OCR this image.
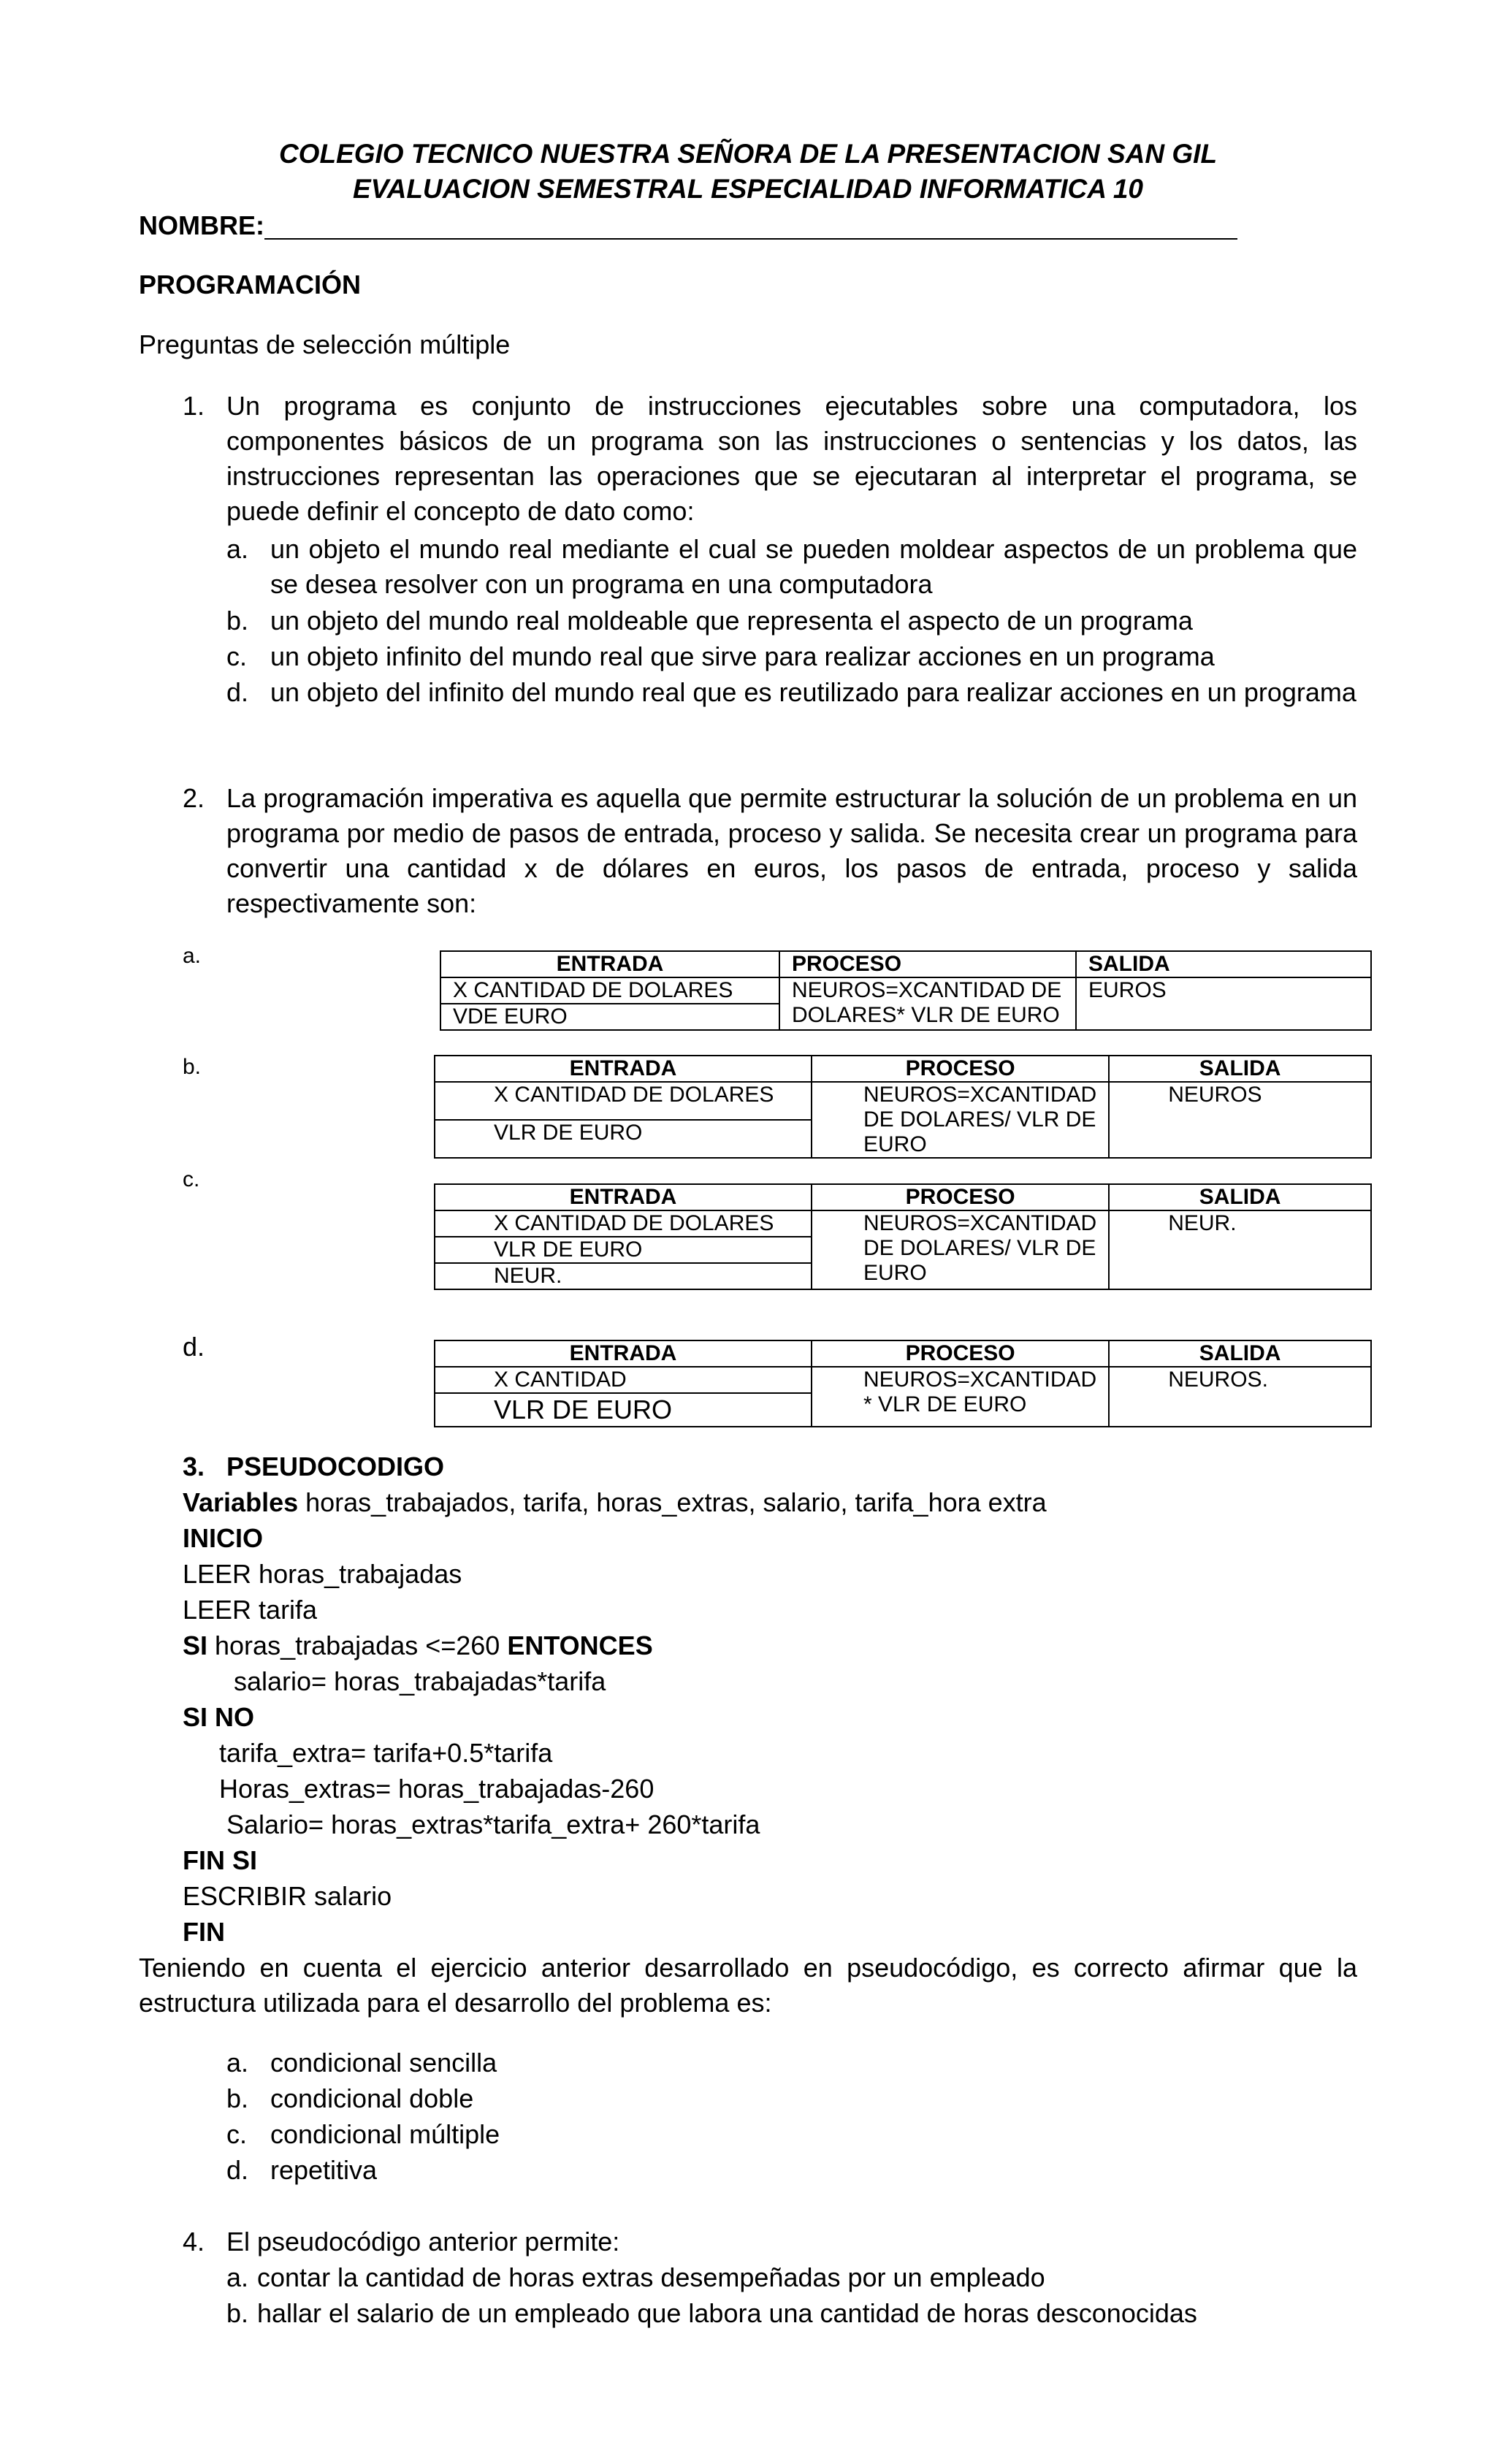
COLEGIO TECNICO NUESTRA SEÑORA DE LA PRESENTACION SAN GIL
EVALUACION SEMESTRAL ESPECIALIDAD INFORMATICA 10
NOMBRE:
PROGRAMACIÓN
Preguntas de selección múltiple
1. Un programa es conjunto de instrucciones ejecutables sobre una computadora, los componentes básicos de un programa son las instrucciones o sentencias y los datos, las instrucciones representan las operaciones que se ejecutaran al interpretar el programa, se puede definir el concepto de dato como:
a. un objeto el mundo real mediante el cual se pueden moldear aspectos de un problema que se desea resolver con un programa en una computadora
b. un objeto del mundo real moldeable que representa el aspecto de un programa
c. un objeto infinito del mundo real que sirve para realizar acciones en un programa
d. un objeto del infinito del mundo real que es reutilizado para realizar acciones en un programa
2. La programación imperativa es aquella que permite estructurar la solución de un problema en un programa por medio de pasos de entrada, proceso y salida. Se necesita crear un programa para convertir una cantidad x de dólares en euros, los pasos de entrada, proceso y salida respectivamente son:
a.	ENTRADA	PROCESO	SALIDA
X CANTIDAD DE DOLARES	NEUROS=XCANTIDAD DE DOLARES* VLR DE EURO	EUROS
VDE EURO		
b.	ENTRADA	PROCESO	SALIDA
X CANTIDAD DE DOLARES	NEUROS=XCANTIDAD DE DOLARES/ VLR DE EURO	NEUROS
VLR DE EURO		
c.
ENTRADA	PROCESO	SALIDA
X CANTIDAD DE DOLARES	NEUROS=XCANTIDAD DE DOLARES/ VLR DE EURO	NEUR.
VLR DE EURO		
NEUR.		
d.	ENTRADA	PROCESO	SALIDA
X CANTIDAD	NEUROS=XCANTIDAD * VLR DE EURO	NEUROS.
VLR DE EURO		
3. PSEUDOCODIGO
Variables horas_trabajados, tarifa, horas_extras, salario, tarifa_hora extra
INICIO
LEER horas_trabajadas
LEER tarifa
SI horas_trabajadas <=260 ENTONCES
salario= horas_trabajadas*tarifa
SI NO
tarifa_extra= tarifa+0.5*tarifa
Horas_extras= horas_trabajadas-260
Salario= horas_extras*tarifa_extra+ 260*tarifa
FIN SI
ESCRIBIR salario
FIN
Teniendo en cuenta el ejercicio anterior desarrollado en pseudocódigo, es correcto afirmar que la estructura utilizada para el desarrollo del problema es:
a. condicional sencilla
b. condicional doble
c. condicional múltiple
d. repetitiva
4. El pseudocódigo anterior permite:
a. contar la cantidad de horas extras desempeñadas por un empleado
b. hallar el salario de un empleado que labora una cantidad de horas desconocidas
